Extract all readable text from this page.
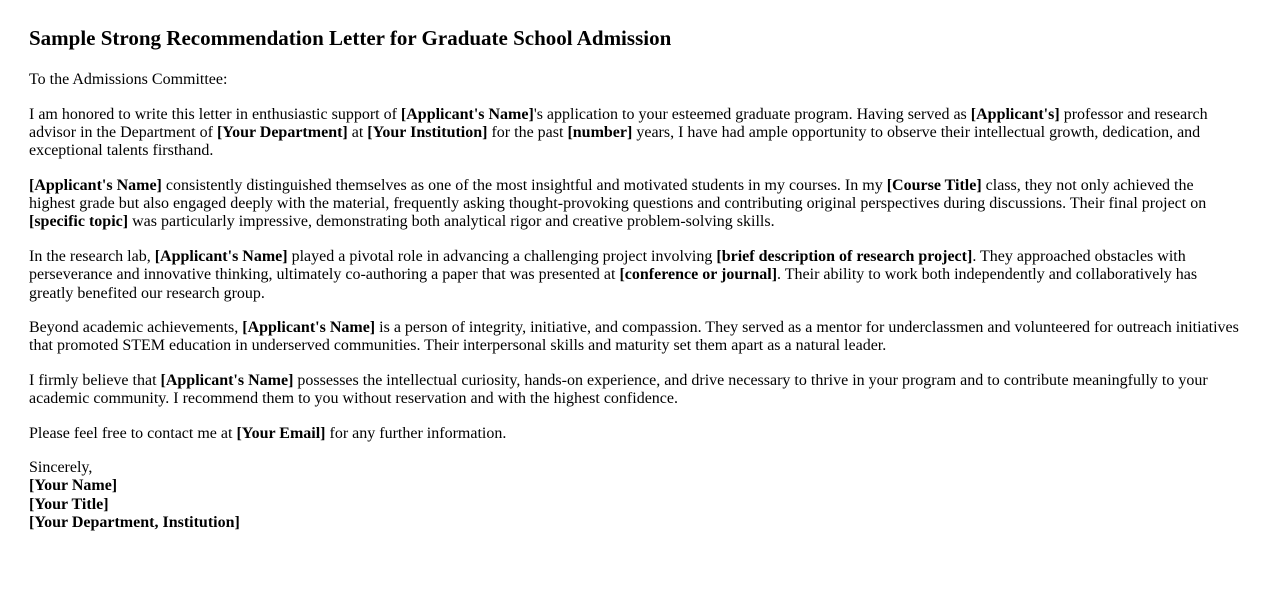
Sample Strong Recommendation Letter for Graduate School Admission

To the Admissions Committee:

I am honored to write this letter in enthusiastic support of [Applicant's Name]'s application to your esteemed graduate program. Having served as [Applicant's] professor and research advisor in the Department of [Your Department] at [Your Institution] for the past [number] years, I have had ample opportunity to observe their intellectual growth, dedication, and exceptional talents firsthand.

[Applicant's Name] consistently distinguished themselves as one of the most insightful and motivated students in my courses. In my [Course Title] class, they not only achieved the highest grade but also engaged deeply with the material, frequently asking thought-provoking questions and contributing original perspectives during discussions. Their final project on [specific topic] was particularly impressive, demonstrating both analytical rigor and creative problem-solving skills.

In the research lab, [Applicant's Name] played a pivotal role in advancing a challenging project involving [brief description of research project]. They approached obstacles with perseverance and innovative thinking, ultimately co-authoring a paper that was presented at [conference or journal]. Their ability to work both independently and collaboratively has greatly benefited our research group.

Beyond academic achievements, [Applicant's Name] is a person of integrity, initiative, and compassion. They served as a mentor for underclassmen and volunteered for outreach initiatives that promoted STEM education in underserved communities. Their interpersonal skills and maturity set them apart as a natural leader.

I firmly believe that [Applicant's Name] possesses the intellectual curiosity, hands-on experience, and drive necessary to thrive in your program and to contribute meaningfully to your academic community. I recommend them to you without reservation and with the highest confidence.

Please feel free to contact me at [Your Email] for any further information.

Sincerely,
[Your Name]
[Your Title]
[Your Department, Institution]
